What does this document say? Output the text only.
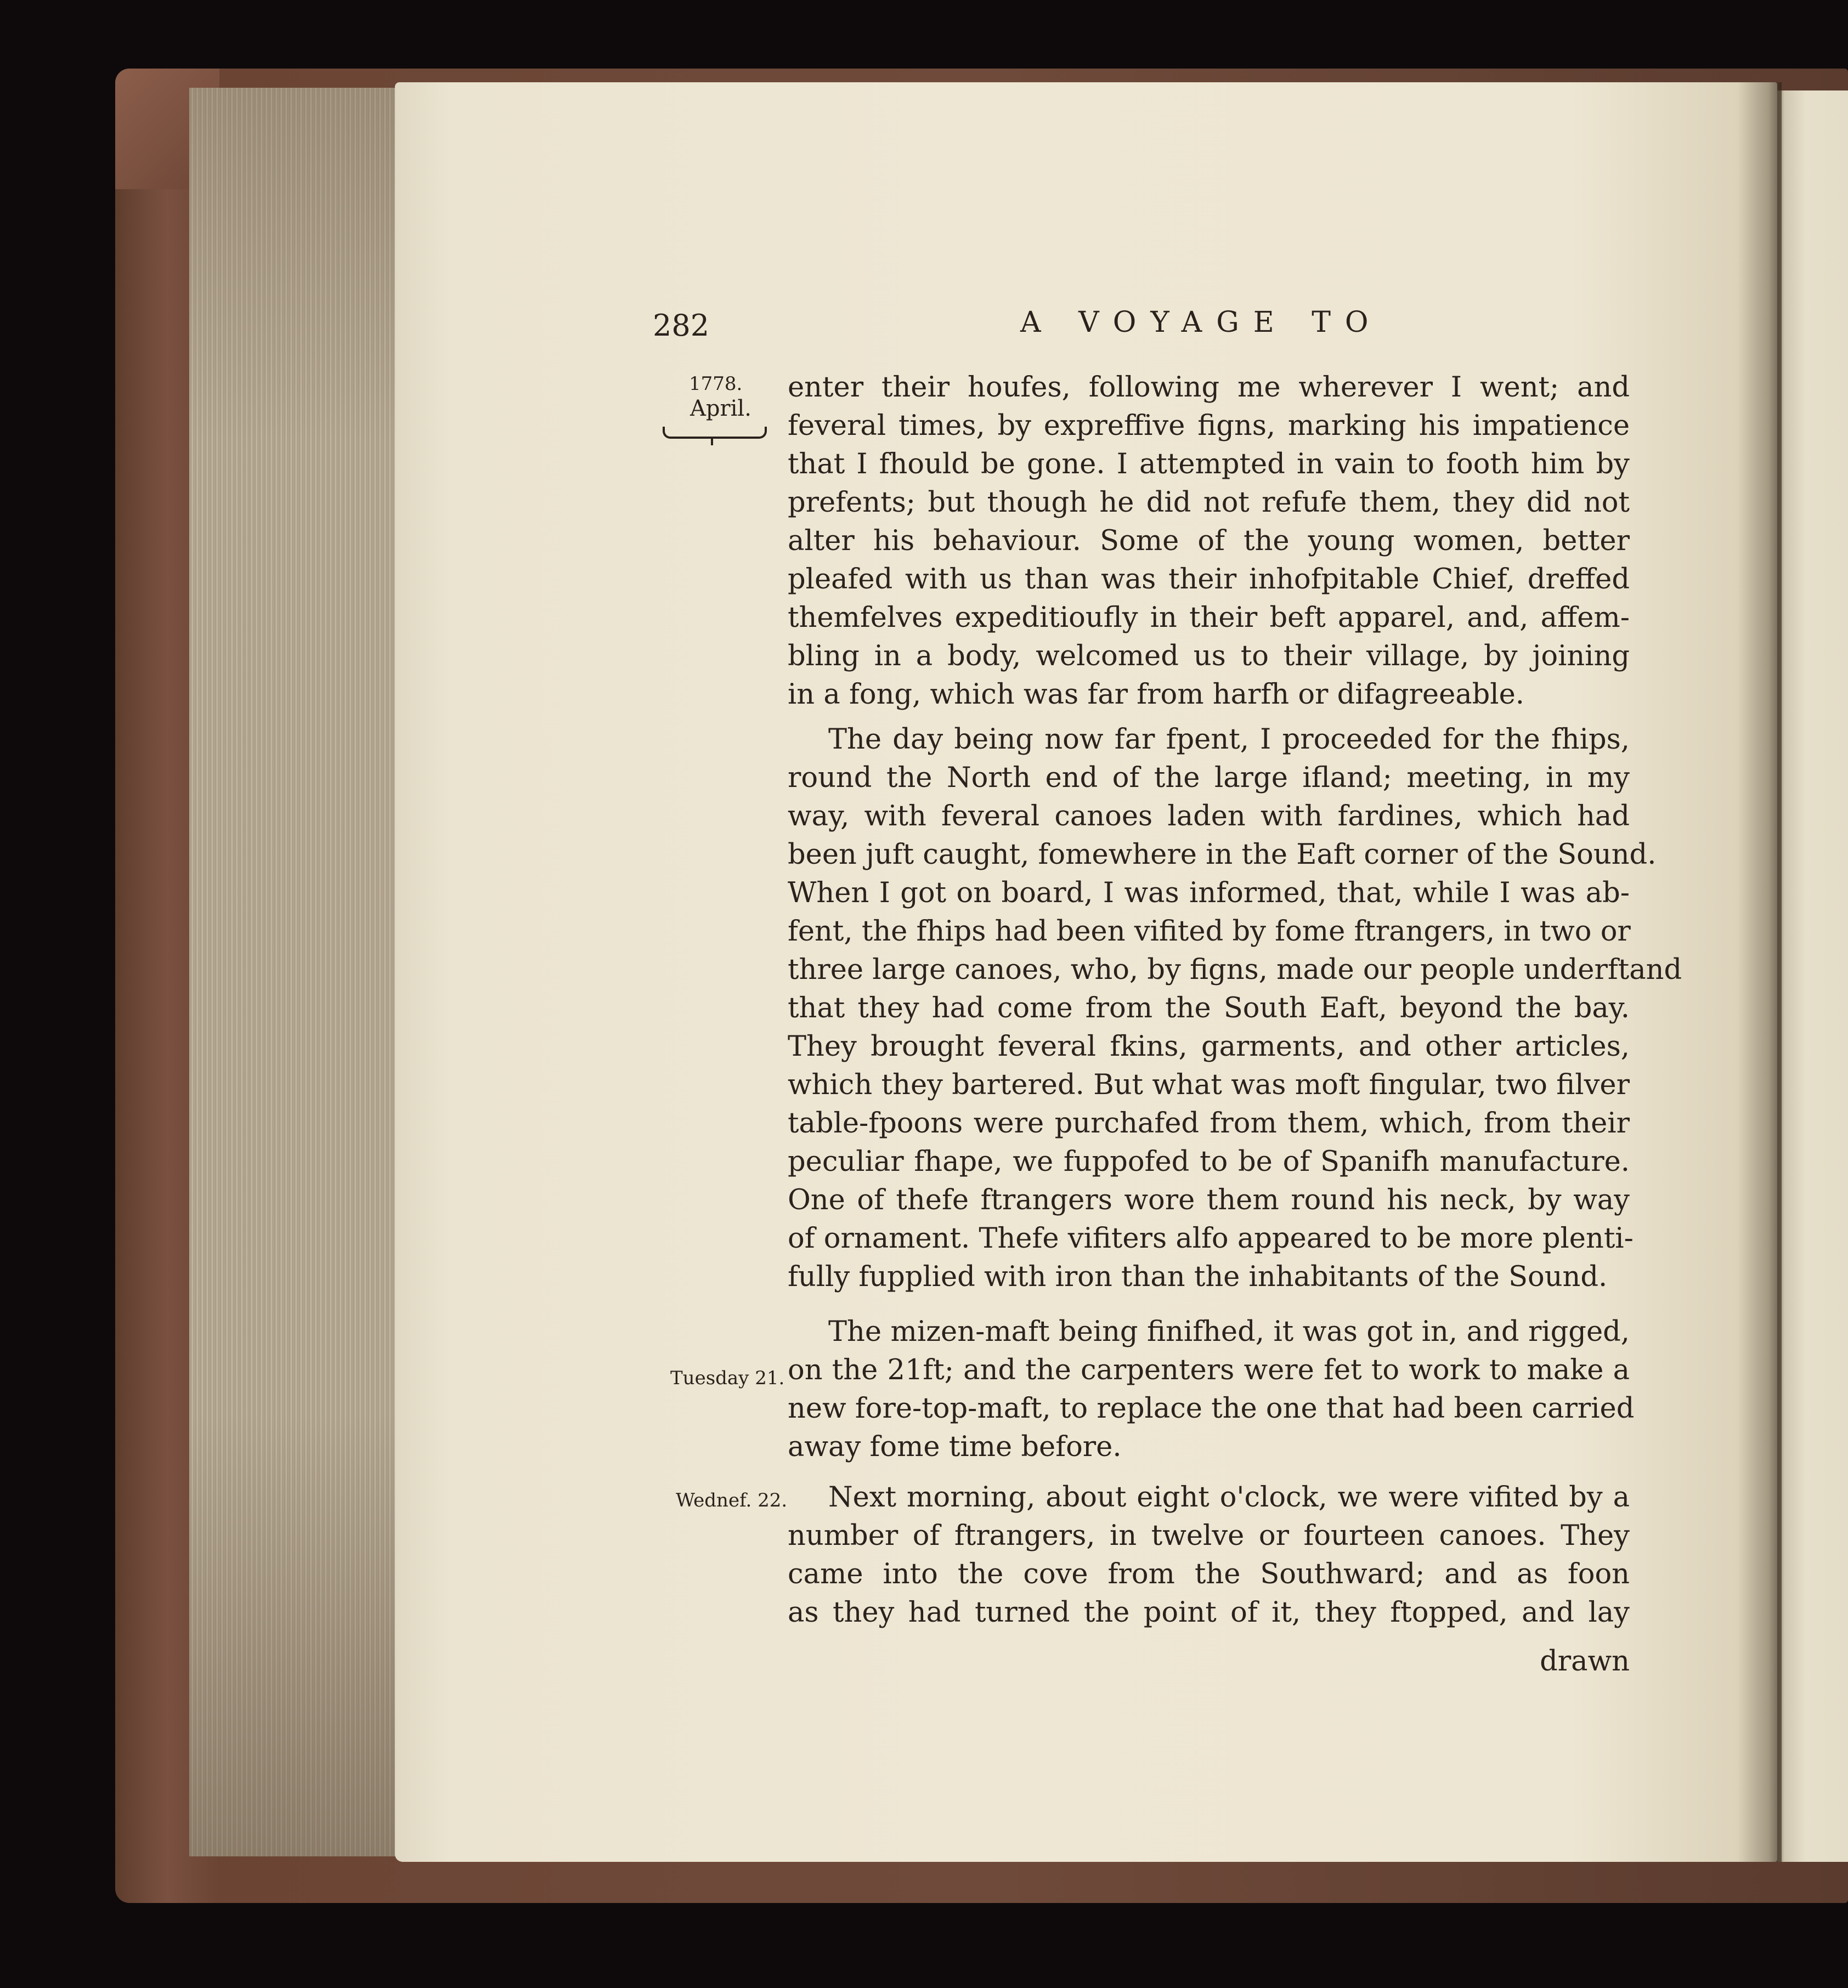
282	A VOYAGE TO
1778.
April.
Tuesday 21.
Wednef. 22.
enter their houfes, following me wherever I went; and
feveral times, by expreffive figns, marking his impatience
that I fhould be gone. I attempted in vain to footh him by
prefents; but though he did not refufe them, they did not
alter his behaviour. Some of the young women, better
pleafed with us than was their inhofpitable Chief, dreffed
themfelves expeditioufly in their beft apparel, and, affem-
bling in a body, welcomed us to their village, by joining
in a fong, which was far from harfh or difagreeable.
The day being now far fpent, I proceeded for the fhips,
round the North end of the large ifland; meeting, in my
way, with feveral canoes laden with fardines, which had
been juft caught, fomewhere in the Eaft corner of the Sound.
When I got on board, I was informed, that, while I was ab-
fent, the fhips had been vifited by fome ftrangers, in two or
three large canoes, who, by figns, made our people underftand
that they had come from the South Eaft, beyond the bay.
They brought feveral fkins, garments, and other articles,
which they bartered. But what was moft fingular, two filver
table-fpoons were purchafed from them, which, from their
peculiar fhape, we fuppofed to be of Spanifh manufacture.
One of thefe ftrangers wore them round his neck, by way
of ornament. Thefe vifiters alfo appeared to be more plenti-
fully fupplied with iron than the inhabitants of the Sound.
The mizen-maft being finifhed, it was got in, and rigged,
on the 21ft; and the carpenters were fet to work to make a
new fore-top-maft, to replace the one that had been carried
away fome time before.
Next morning, about eight o'clock, we were vifited by a
number of ftrangers, in twelve or fourteen canoes. They
came into the cove from the Southward; and as foon
as they had turned the point of it, they ftopped, and lay
drawn
